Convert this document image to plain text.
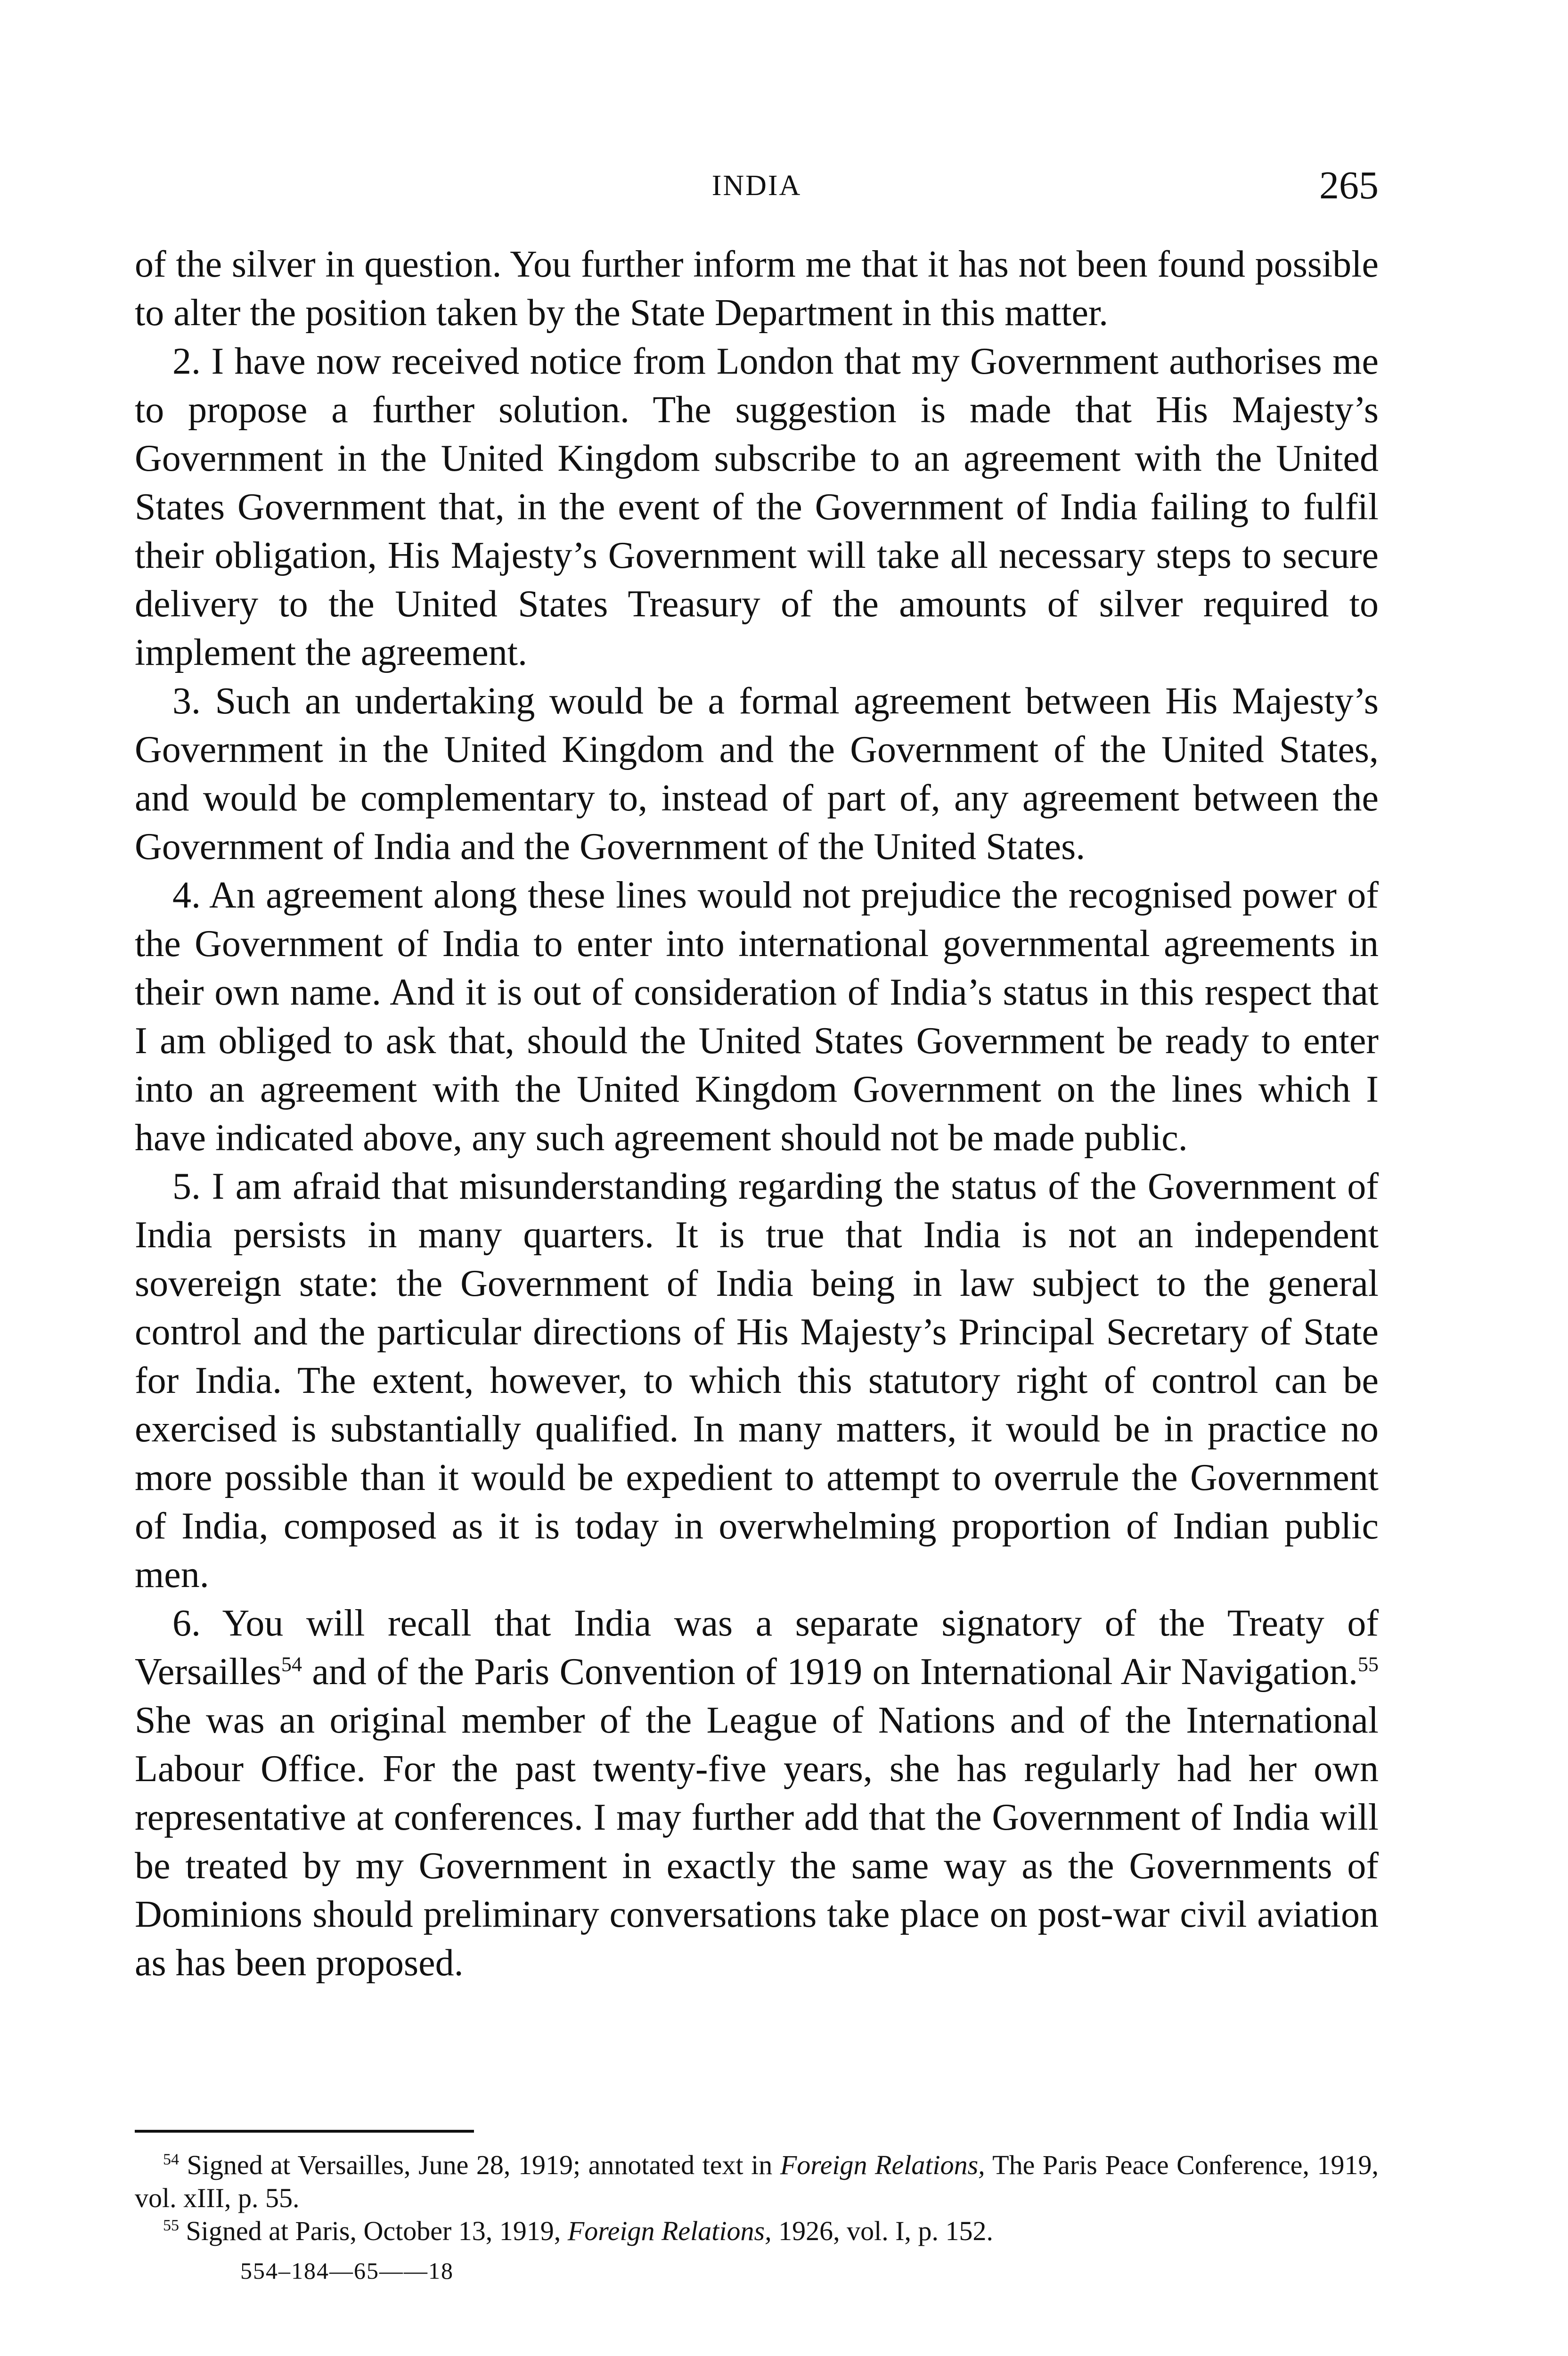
INDIA	265

of the silver in question. You further inform me that it has not been found possible to alter the position taken by the State Department in this matter.

2. I have now received notice from London that my Government authorises me to propose a further solution. The suggestion is made that His Majesty’s Government in the United Kingdom subscribe to an agreement with the United States Government that, in the event of the Government of India failing to fulfil their obligation, His Majesty’s Government will take all necessary steps to secure delivery to the United States Treasury of the amounts of silver required to implement the agreement.

3. Such an undertaking would be a formal agreement between His Majesty’s Government in the United Kingdom and the Government of the United States, and would be complementary to, instead of part of, any agreement between the Government of India and the Government of the United States.

4. An agreement along these lines would not prejudice the recognised power of the Government of India to enter into international governmental agreements in their own name. And it is out of consideration of India’s status in this respect that I am obliged to ask that, should the United States Government be ready to enter into an agreement with the United Kingdom Government on the lines which I have indicated above, any such agreement should not be made public.

5. I am afraid that misunderstanding regarding the status of the Government of India persists in many quarters. It is true that India is not an independent sovereign state: the Government of India being in law subject to the general control and the particular directions of His Majesty’s Principal Secretary of State for India. The extent, however, to which this statutory right of control can be exercised is substantially qualified. In many matters, it would be in practice no more possible than it would be expedient to attempt to overrule the Government of India, composed as it is today in overwhelming proportion of Indian public men.

6. You will recall that India was a separate signatory of the Treaty of Versailles$^{54}$ and of the Paris Convention of 1919 on International Air Navigation.$^{55}$ She was an original member of the League of Nations and of the International Labour Office. For the past twenty-five years, she has regularly had her own representative at conferences. I may further add that the Government of India will be treated by my Government in exactly the same way as the Governments of Dominions should preliminary conversations take place on post-war civil aviation as has been proposed.

$^{54}$ Signed at Versailles, June 28, 1919; annotated text in Foreign Relations, The Paris Peace Conference, 1919, vol. xIII, p. 55.

$^{55}$ Signed at Paris, October 13, 1919, Foreign Relations, 1926, vol. I, p. 152.

554–184—65——18
